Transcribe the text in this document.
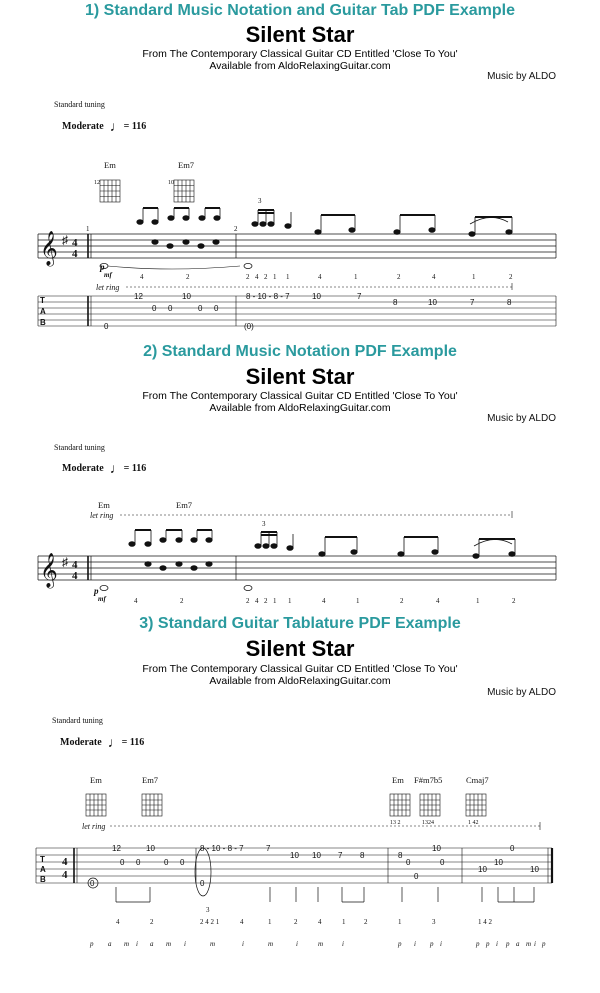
1) Standard Music Notation and Guitar Tab PDF Example
Silent Star
From The Contemporary Classical Guitar CD Entitled 'Close To You'
Available from AldoRelaxingGuitar.com
Music by ALDO
Standard tuning
Moderate ♩= 116
Em	Em7
12	10
𝄞 ♯ 4
4
1	2
3
p
mf
let ring
4	2	2 4 2 1 1	4	1	2	4	1	2
T
A
B
12	10	8 - 10 - 8 - 7	10	7
8	10	7	8
0 0	0 0
0	(0)
2) Standard Music Notation PDF Example
Silent Star
From The Contemporary Classical Guitar CD Entitled 'Close To You'
Available from AldoRelaxingGuitar.com
Music by ALDO
Standard tuning
Moderate ♩= 116
Em	Em7
let ring
𝄞 ♯ 4
4
3
p
mf	4	2	2 4 2 1 1	4	1	2	4	1	2
3) Standard Guitar Tablature PDF Example
Silent Star
From The Contemporary Classical Guitar CD Entitled 'Close To You'
Available from AldoRelaxingGuitar.com
Music by ALDO
Standard tuning
Moderate ♩= 116
Em	Em7	Em F#m7b5	Cmaj7
13 2	1324	1 42
let ring
T
A
B
4
4
12	10	8 - 10 - 8 - 7	7
10 10 7 8	8
10
10
10
0
10
0 0	0 0	0	0
0
0	0
3
4	2	2 4 2 1	4	1	2	4	1	2	1	3	1 4 2
p a m i a m i	m	i	m	i	m	i	p i p i	p p i p a m i p
